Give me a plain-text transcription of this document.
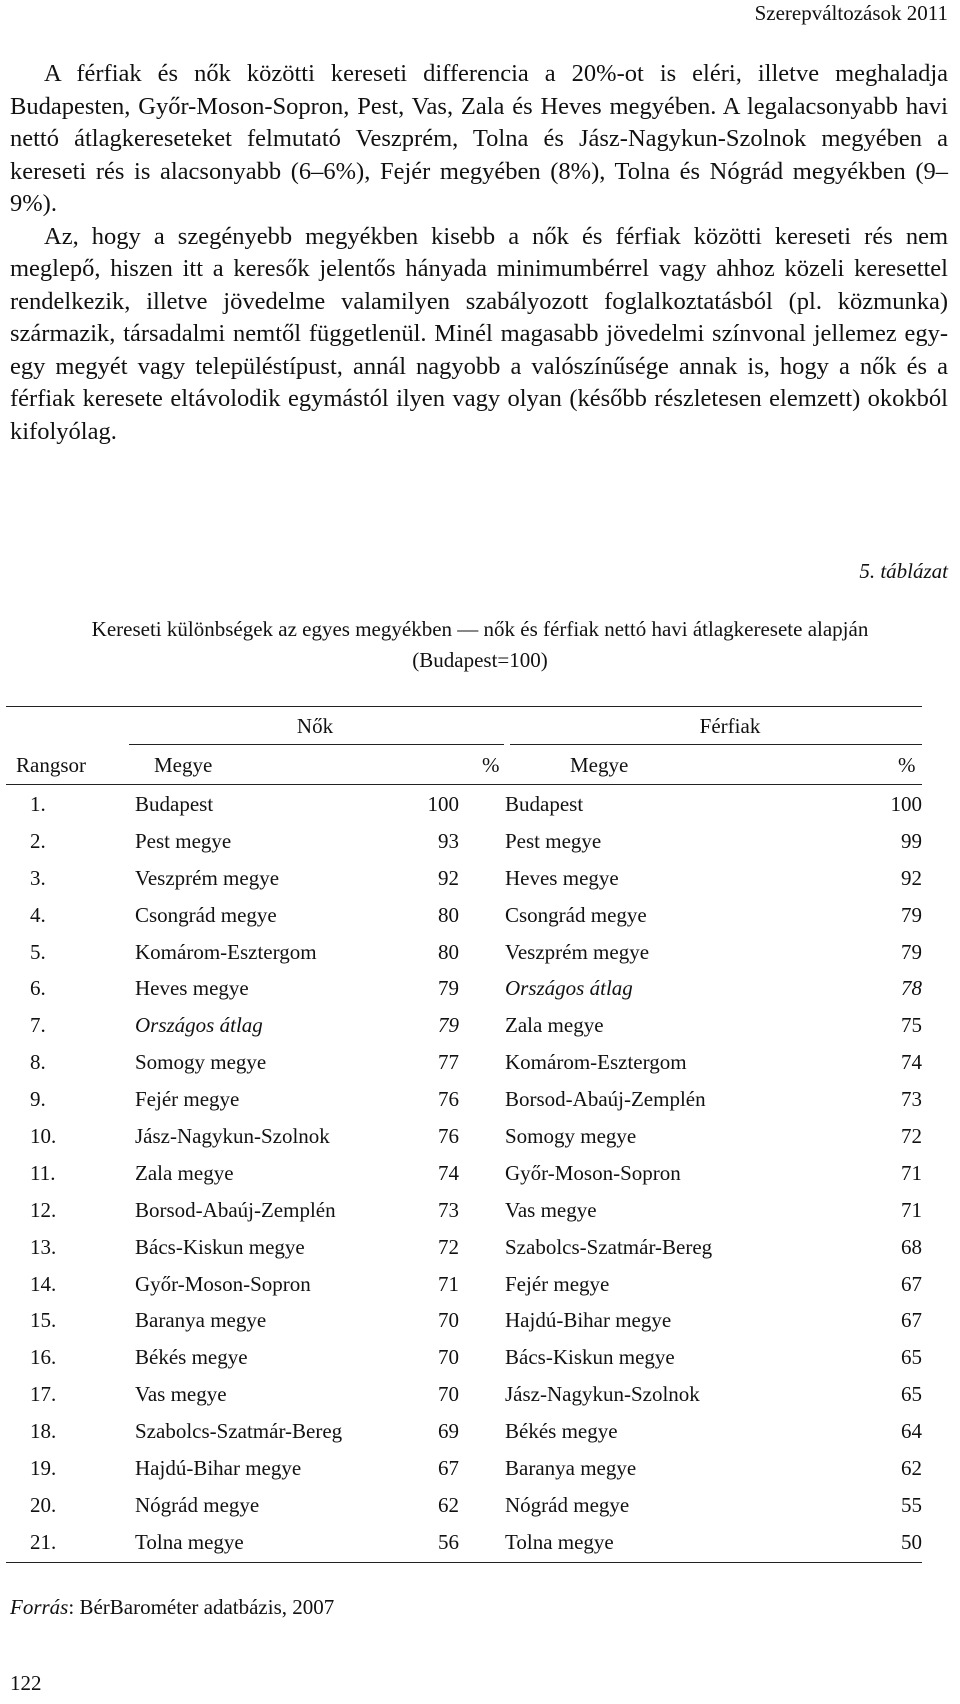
Szerepváltozások 2011

A férfiak és nők közötti kereseti differencia a 20%-ot is eléri, illetve meghaladja Budapesten, Győr-Moson-Sopron, Pest, Vas, Zala és Heves megyében. A legalacsonyabb havi nettó átlagkereseteket felmutató Veszprém, Tolna és Jász-Nagykun-Szolnok megyében a kereseti rés is alacsonyabb (6–6%), Fejér megyében (8%), Tolna és Nógrád megyékben (9–9%).

Az, hogy a szegényebb megyékben kisebb a nők és férfiak közötti kereseti rés nem meglepő, hiszen itt a keresők jelentős hányada minimumbérrel vagy ahhoz közeli keresettel rendelkezik, illetve jövedelme valamilyen szabályozott foglalkoztatásból (pl. közmunka) származik, társadalmi nemtől függetlenül. Minél magasabb jövedelmi színvonal jellemez egy-egy megyét vagy településtípust, annál nagyobb a valószínűsége annak is, hogy a nők és a férfiak keresete eltávolodik egymástól ilyen vagy olyan (később részletesen elemzett) okokból kifolyólag.

5. táblázat
Kereseti különbségek az egyes megyékben — nők és férfiak nettó havi átlagkeresete alapján
(Budapest=100)
Nők	Férfiak
Rangsor	Megye	%	Megye	%
1.	Budapest	100	Budapest	100
2.	Pest megye	93	Pest megye	99
3.	Veszprém megye	92	Heves megye	92
4.	Csongrád megye	80	Csongrád megye	79
5.	Komárom-Esztergom	80	Veszprém megye	79
6.	Heves megye	79	Országos átlag	78
7.	Országos átlag	79	Zala megye	75
8.	Somogy megye	77	Komárom-Esztergom	74
9.	Fejér megye	76	Borsod-Abaúj-Zemplén	73
10.	Jász-Nagykun-Szolnok	76	Somogy megye	72
11.	Zala megye	74	Győr-Moson-Sopron	71
12.	Borsod-Abaúj-Zemplén	73	Vas megye	71
13.	Bács-Kiskun megye	72	Szabolcs-Szatmár-Bereg	68
14.	Győr-Moson-Sopron	71	Fejér megye	67
15.	Baranya megye	70	Hajdú-Bihar megye	67
16.	Békés megye	70	Bács-Kiskun megye	65
17.	Vas megye	70	Jász-Nagykun-Szolnok	65
18.	Szabolcs-Szatmár-Bereg	69	Békés megye	64
19.	Hajdú-Bihar megye	67	Baranya megye	62
20.	Nógrád megye	62	Nógrád megye	55
21.	Tolna megye	56	Tolna megye	50
Forrás: BérBarométer adatbázis, 2007
122
